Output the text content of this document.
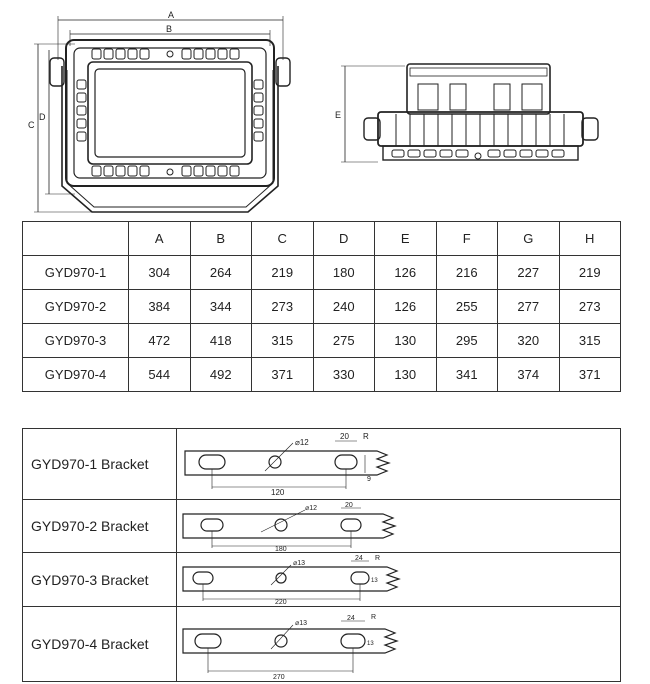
A
B
C
D	E
	A	B	C	D	E	F	G	H
GYD970-1	304	264	219	180	126	216	227	219
GYD970-2	384	344	273	240	126	255	277	273
GYD970-3	472	418	315	275	130	295	320	315
GYD970-4	544	492	371	330	130	341	374	371
GYD970-1 Bracket	⌀12
20 R
120
9

GYD970-2 Bracket	⌀12 20
180

GYD970-3 Bracket	⌀13
24 R
220
13

GYD970-4 Bracket	⌀13
24 R
270
13
